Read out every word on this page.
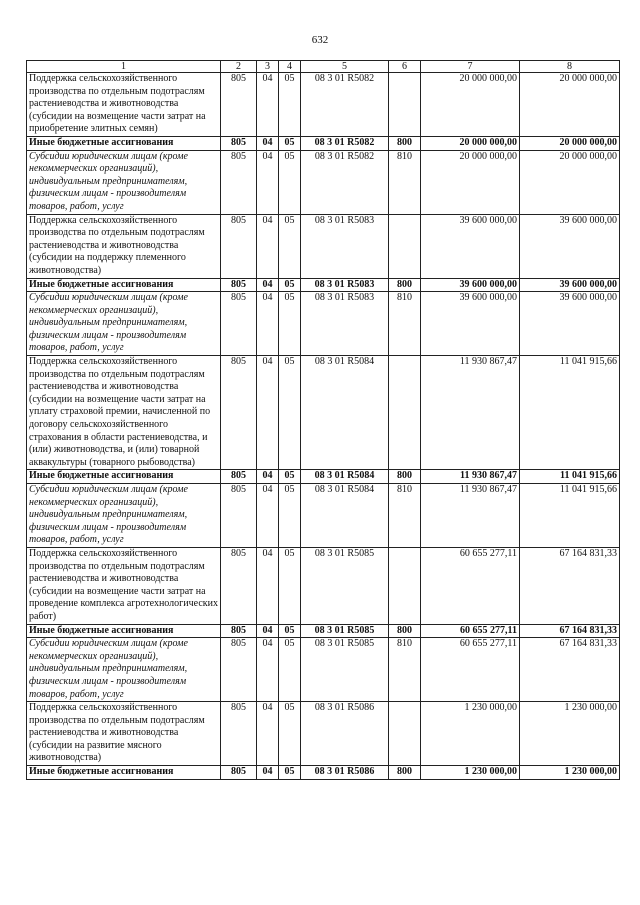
632
1	2	3	4	5	6	7	8
Поддержка сельскохозяйственного производства по отдельным подотраслям растениеводства и животноводства (субсидии на возмещение части затрат на приобретение элитных семян)	805	04	05	08 3 01 R5082		20 000 000,00	20 000 000,00
Иные бюджетные ассигнования	805	04	05	08 3 01 R5082	800	20 000 000,00	20 000 000,00
Субсидии юридическим лицам (кроме некоммерческих организаций), индивидуальным предпринимателям, физическим лицам - производителям товаров, работ, услуг	805	04	05	08 3 01 R5082	810	20 000 000,00	20 000 000,00
Поддержка сельскохозяйственного производства по отдельным подотраслям растениеводства и животноводства (субсидии на поддержку племенного животноводства)	805	04	05	08 3 01 R5083		39 600 000,00	39 600 000,00
Иные бюджетные ассигнования	805	04	05	08 3 01 R5083	800	39 600 000,00	39 600 000,00
Субсидии юридическим лицам (кроме некоммерческих организаций), индивидуальным предпринимателям, физическим лицам - производителям товаров, работ, услуг	805	04	05	08 3 01 R5083	810	39 600 000,00	39 600 000,00
Поддержка сельскохозяйственного производства по отдельным подотраслям растениеводства и животноводства (субсидии на возмещение части затрат на уплату страховой премии, начисленной по договору сельскохозяйственного страхования в области растениеводства, и (или) животноводства, и (или) товарной аквакультуры (товарного рыбоводства)	805	04	05	08 3 01 R5084		11 930 867,47	11 041 915,66
Иные бюджетные ассигнования	805	04	05	08 3 01 R5084	800	11 930 867,47	11 041 915,66
Субсидии юридическим лицам (кроме некоммерческих организаций), индивидуальным предпринимателям, физическим лицам - производителям товаров, работ, услуг	805	04	05	08 3 01 R5084	810	11 930 867,47	11 041 915,66
Поддержка сельскохозяйственного производства по отдельным подотраслям растениеводства и животноводства (субсидии на возмещение части затрат на проведение комплекса агротехнологических работ)	805	04	05	08 3 01 R5085		60 655 277,11	67 164 831,33
Иные бюджетные ассигнования	805	04	05	08 3 01 R5085	800	60 655 277,11	67 164 831,33
Субсидии юридическим лицам (кроме некоммерческих организаций), индивидуальным предпринимателям, физическим лицам - производителям товаров, работ, услуг	805	04	05	08 3 01 R5085	810	60 655 277,11	67 164 831,33
Поддержка сельскохозяйственного производства по отдельным подотраслям растениеводства и животноводства (субсидии на развитие мясного животноводства)	805	04	05	08 3 01 R5086		1 230 000,00	1 230 000,00
Иные бюджетные ассигнования	805	04	05	08 3 01 R5086	800	1 230 000,00	1 230 000,00
